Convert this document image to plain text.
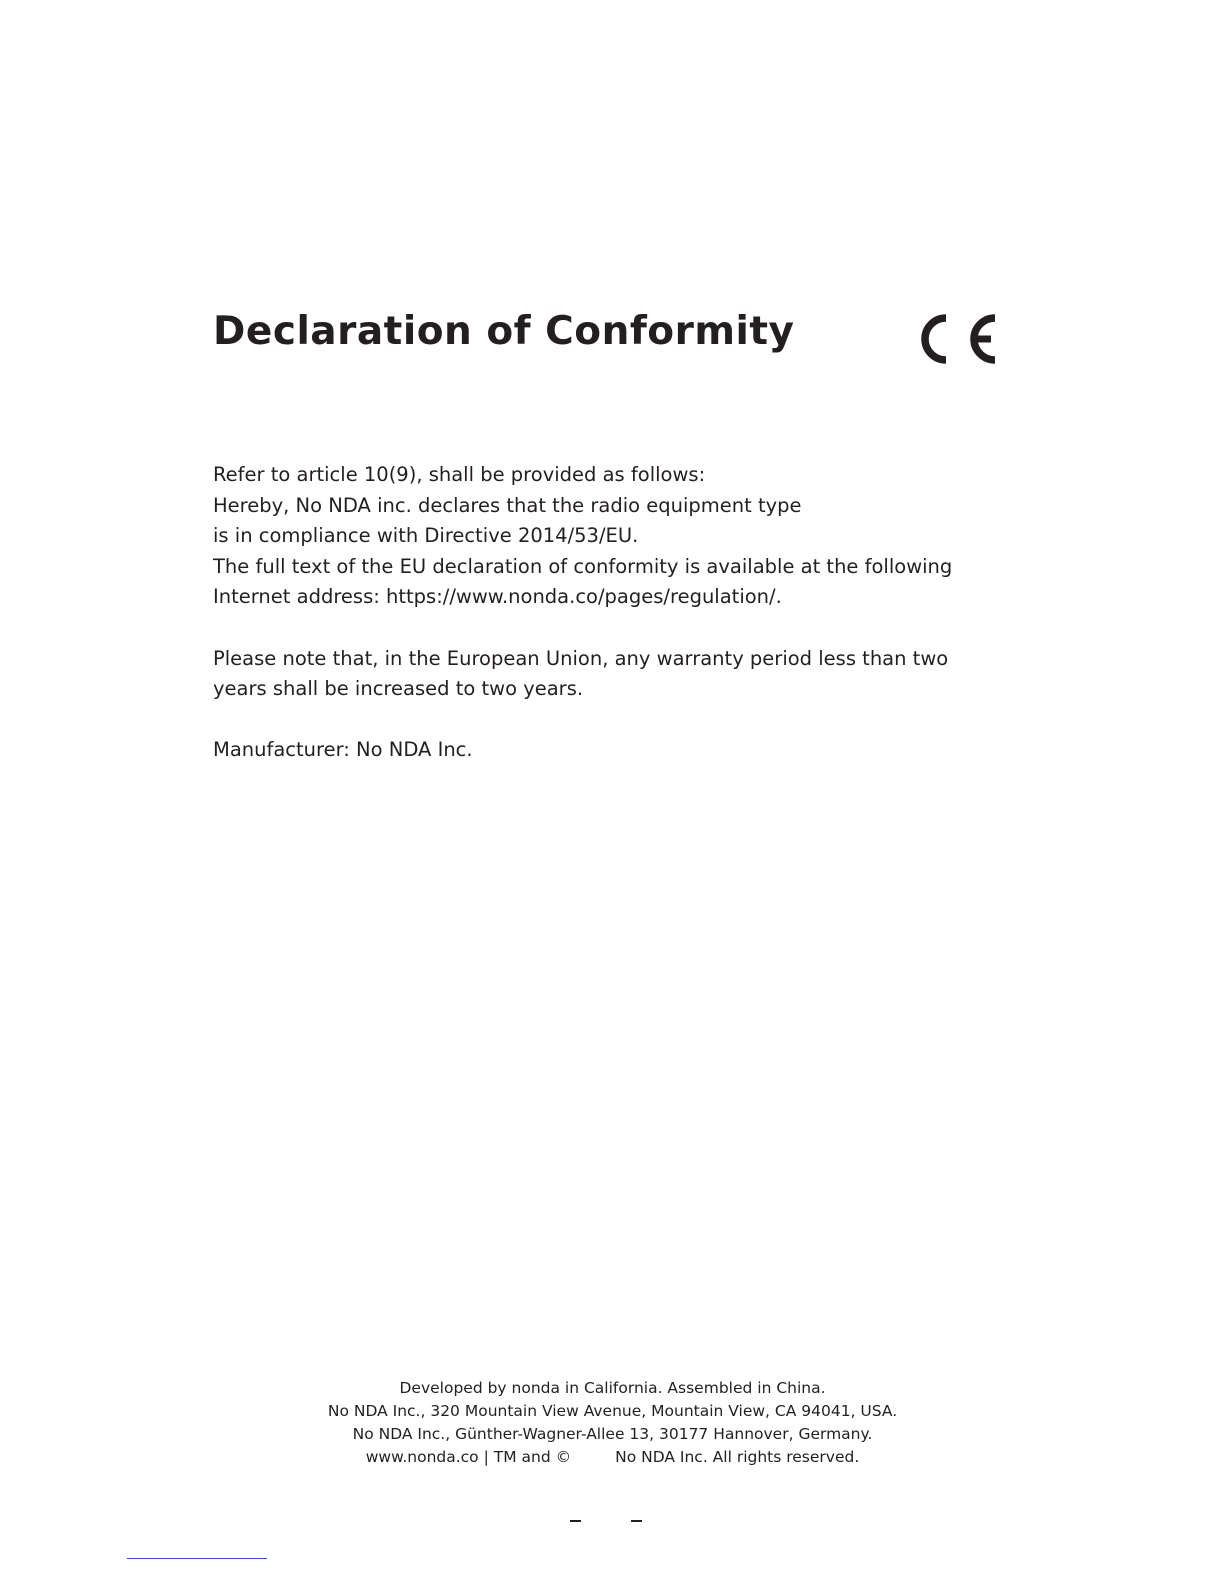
Declaration of Conformity
Refer to article 10(9), shall be provided as follows:
Hereby, No NDA inc. declares that the radio equipment type
is in compliance with Directive 2014/53/EU.
The full text of the EU declaration of conformity is available at the following
Internet address: https://www.nonda.co/pages/regulation/.
Please note that, in the European Union, any warranty period less than two
years shall be increased to two years.
Manufacturer: No NDA Inc.
Developed by nonda in California. Assembled in China.
No NDA Inc., 320 Mountain View Avenue, Mountain View, CA 94041, USA.
No NDA Inc., Günther-Wagner-Allee 13, 30177 Hannover, Germany.
www.nonda.co | TM and ©	No NDA Inc. All rights reserved.
